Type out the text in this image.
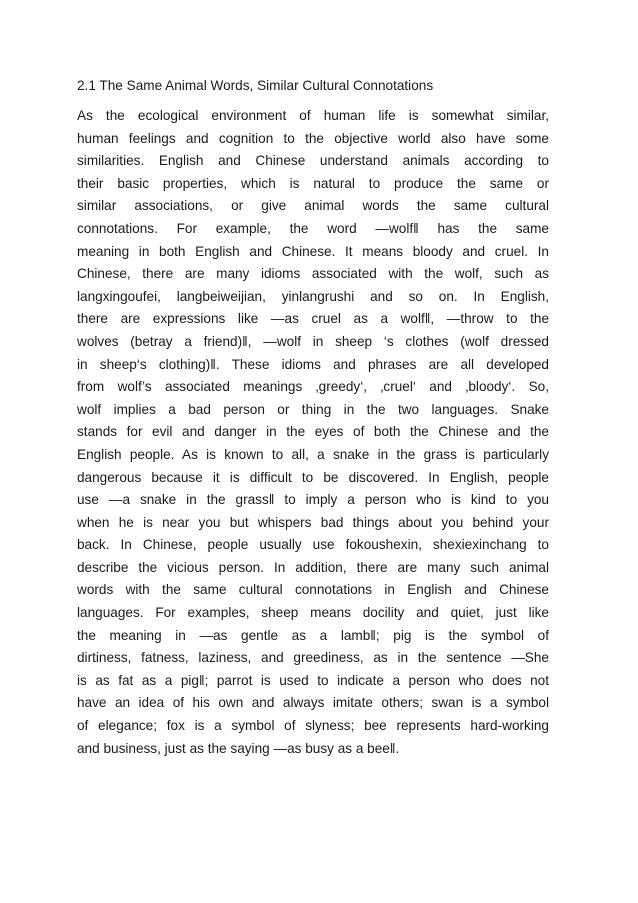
2.1 The Same Animal Words, Similar Cultural Connotations
As the ecological environment of human life is somewhat similar,
human feelings and cognition to the objective world also have some
similarities. English and Chinese understand animals according to
their basic properties, which is natural to produce the same or
similar associations, or give animal words the same cultural
connotations. For example, the word —wolf‖ has the same
meaning in both English and Chinese. It means bloody and cruel. In
Chinese, there are many idioms associated with the wolf, such as
langxingoufei, langbeiweijian, yinlangrushi and so on. In English,
there are expressions like —as cruel as a wolf‖, —throw to the
wolves (betray a friend)‖, —wolf in sheep ‘s clothes (wolf dressed
in sheep‘s clothing)‖. These idioms and phrases are all developed
from wolf’s associated meanings ‚greedy‘, ‚cruel‘ and ‚bloody‘. So,
wolf implies a bad person or thing in the two languages. Snake
stands for evil and danger in the eyes of both the Chinese and the
English people. As is known to all, a snake in the grass is particularly
dangerous because it is difficult to be discovered. In English, people
use —a snake in the grass‖ to imply a person who is kind to you
when he is near you but whispers bad things about you behind your
back. In Chinese, people usually use fokoushexin, shexiexinchang to
describe the vicious person. In addition, there are many such animal
words with the same cultural connotations in English and Chinese
languages. For examples, sheep means docility and quiet, just like
the meaning in —as gentle as a lamb‖; pig is the symbol of
dirtiness, fatness, laziness, and greediness, as in the sentence —She
is as fat as a pig‖; parrot is used to indicate a person who does not
have an idea of his own and always imitate others; swan is a symbol
of elegance; fox is a symbol of slyness; bee represents hard-working
and business, just as the saying —as busy as a bee‖.
